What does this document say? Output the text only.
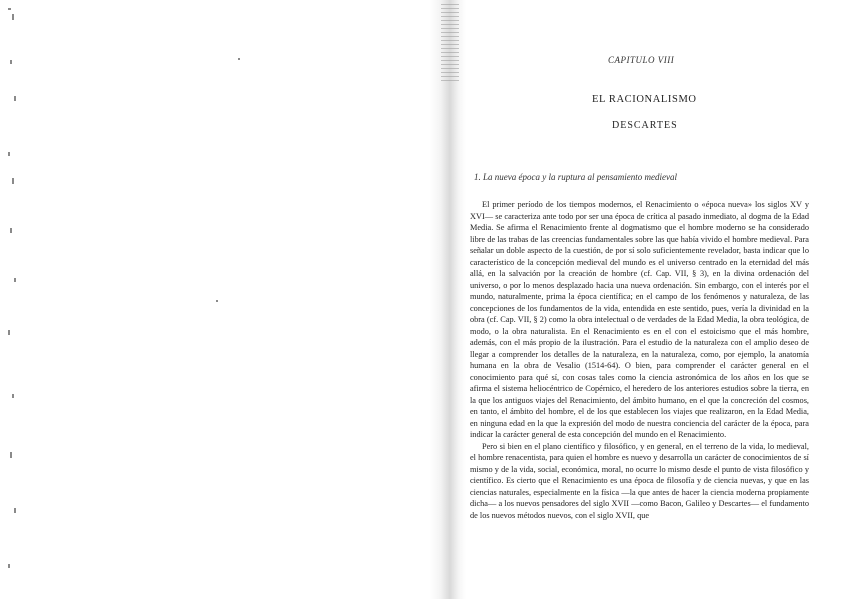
CAPITULO VIII
EL RACIONALISMO
DESCARTES
1. La nueva época y la ruptura al pensamiento medieval

El primer período de los tiempos modernos, el Renacimiento o «época nueva» los siglos XV y XVI— se caracteriza ante todo por ser una época de crítica al pasado inmediato, al dogma de la Edad Media. Se afirma el Renacimiento frente al dogmatismo que el hombre moderno se ha considerado libre de las trabas de las creencias fundamentales sobre las que había vivido el hombre medieval. Para señalar un doble aspecto de la cuestión, de por sí solo suficientemente revelador, basta indicar que lo característico de la concepción medieval del mundo es el universo centrado en la eternidad del más allá, en la salvación por la creación de hombre (cf. Cap. VII, § 3), en la divina ordenación del universo, o por lo menos desplazado hacia una nueva ordenación. Sin embargo, con el interés por el mundo, naturalmente, prima la época científica; en el campo de los fenómenos y naturaleza, de las concepciones de los fundamentos de la vida, entendida en este sentido, pues, vería la divinidad en la obra (cf. Cap. VII, § 2) como la obra intelectual o de verdades de la Edad Media, la obra teológica, de modo, o la obra naturalista. En el Renacimiento es en el con el estoicismo que el más hombre, además, con el más propio de la ilustración. Para el estudio de la naturaleza con el amplio deseo de llegar a comprender los detalles de la naturaleza, en la naturaleza, como, por ejemplo, la anatomía humana en la obra de Vesalio (1514-64). O bien, para comprender el carácter general en el conocimiento para qué sí, con cosas tales como la ciencia astronómica de los años en los que se afirma el sistema heliocéntrico de Copérnico, el heredero de los anteriores estudios sobre la tierra, en la que los antiguos viajes del Renacimiento, del ámbito humano, en el que la concreción del cosmos, en tanto, el ámbito del hombre, el de los que establecen los viajes que realizaron, en la Edad Media, en ninguna edad en la que la expresión del modo de nuestra conciencia del carácter de la época, para indicar la carácter general de esta concepción del mundo en el Renacimiento.

Pero si bien en el plano científico y filosófico, y en general, en el terreno de la vida, lo medieval, el hombre renacentista, para quien el hombre es nuevo y desarrolla un carácter de conocimientos de sí mismo y de la vida, social, económica, moral, no ocurre lo mismo desde el punto de vista filosófico y científico. Es cierto que el Renacimiento es una época de filosofía y de ciencia nuevas, y que en las ciencias naturales, especialmente en la física —la que antes de hacer la ciencia moderna propiamente dicha— a los nuevos pensadores del siglo XVII —como Bacon, Galileo y Descartes— el fundamento de los nuevos métodos nuevos, con el siglo XVII, que
